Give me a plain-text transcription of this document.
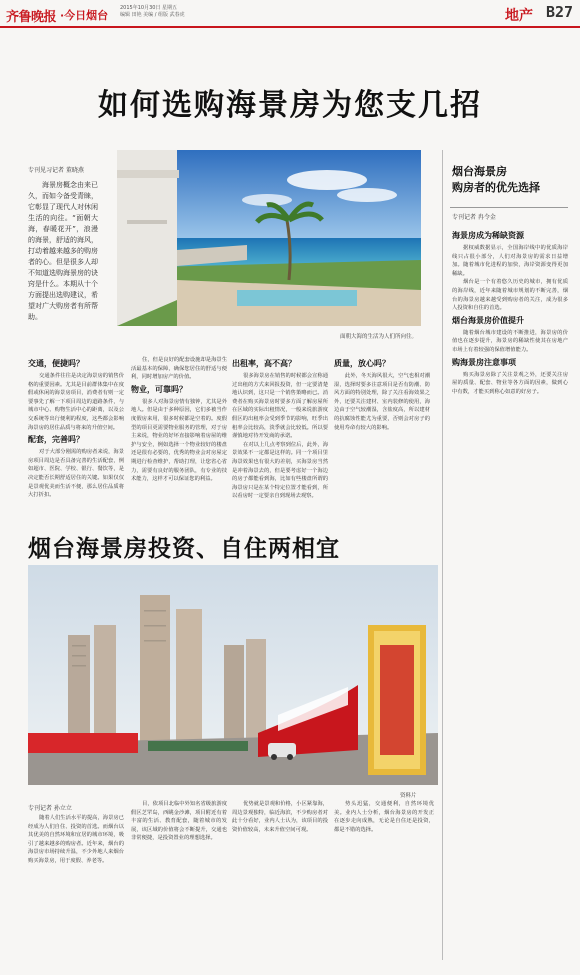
齐鲁晚报 ·今日烟台
2015年10月30日 星期五
编辑 田艳 美编 / 组版 武春虎	地产 B27
如何选购海景房为您支几招
专刊见习记者 董晓燕

海景房概念由来已久，而如今备受青睐，它彰显了现代人对休闲生活的向往。“面朝大海，春暖花开”，浪漫的海景，舒适的海风，打动着越来越多的购房者的心。但是很多人却不知道选购海景房的诀窍是什么。本期从十个方面提出选购建议，希望对广大购房者有所帮助。

面朝大海的生活为人们所向往。
交通，便捷吗？

交通条件往往是决定海景房的销售价格的重要因素。尤其是目前群体集中在度假或休闲的海景房项目，消费者有则一定要事先了解一下项目周边的道路条件，与城市中心、购物生活中心的距离，以及公交系统等出行便利的程度，这些都会影响海景房的居住品质与将来的升值空间。

配套，完善吗？

对于大部分刚需的购房者来说，海景房项目周边是否具备完善的生活配套，例如超市、医院、学校、银行、餐饮等，是决定能否长期舒适居住的关键。如果仅仅是景观优美而生活不便，那么居住品质将大打折扣。

住，但是良好的配套设施却是海景生活最基本的保障，确保您居住的舒适与便利，同时增加房产的价值。

物业，可靠吗？

很多人对海景房情有独钟，尤其是外地人。但是由于多种原因，它们多被当作度假房来用，很多时候都是空着的。度假型的项目更需要物业服务的管理，对于房主来说，物业的好坏直接影响着房屋的维护与安全，例如选择一个物业较好的楼盘还是很有必要的，优秀的物业会对房屋定期进行检查维护，帮助打理，让您省心省力，需要有良好的服务团队，有专业的技术能力，这样才可以保证您的利益。

出租率，高不高？

很多海景房在销售的时候都会宣称通过出租的方式来回报投资，但一定要清楚地认识到，这只是一个销售策略而已。消费者在购买海景房时要多方面了解房屋所在区域的实际出租情况，一般来说旅游度假区的出租率会受到季节的影响，旺季出租率会比较高，淡季就会比较低。所以要谨慎地对待开发商的承诺。

在对以上几点考察到位后，此外，海景效果不一定都是这样的。同一个项目里海景效果也有很大的差别，买海景房当然是冲着海景去的，但是要考虑好一个海边的房子都能看到海，比如有些楼盘所谓的海景房只是在某个特定位置才能看到，所以看房时一定要亲自到现场去观察。

质量，放心吗？

此外，冬天海风很大，空气也相对潮湿，选择时要多注意项目是否有防潮、防风方面的特别处理，除了关注看海效果之外，还要关注建材、室内装修的使用，海边由于空气较潮湿，含盐度高，所以建材的抗腐蚀性能尤为重要，否则会对房子的使用寿命有较大的影响。

烟台海景房
购房者的优先选择
专刊记者 冉令金
海景房成为稀缺资源

据权威数据显示，全国海岸线中的优质海岸线只占很小部分，人们对海景房的需求日益增加。随着城市化进程的加快，海岸资源变得更加稀缺。

烟台是一个有着悠久历史的城市，拥有优质的海岸线，近年来随着城市规划的不断完善，烟台的海景房越来越受到购房者的关注，成为很多人投资和自住的首选。

烟台海景房价值提升

随着烟台城市建设的不断推进，海景房的价值也在逐步提升，海景房的稀缺性使其在房地产市场上有着较强的保值增值能力。

购海景房注意事项

购买海景房除了关注景观之外，还要关注房屋的质量、配套、物业等各方面的因素，做到心中有数，才能买到称心如意的好房子。

烟台海景房投资、自住两相宜
资料片
专刊记者 孙立立

随着人们生活水平的提高，海景房已经成为人们自住、投资的首选。而烟台以其优美的自然环境和宜居的城市环境，吸引了越来越多的购房者。近年来，烟台的海景房市场持续升温，不少外地人来烟台购买海景房，用于度假、养老等。

目，依项目北临中外知名省级旅游度假区芝罘岛，西眺金沙滩，项目附近有着丰富的生活、教育配套，随着城市的发展，该区域的价值将会不断提升，交通也非常便捷，是投资置业的理想选择。

优势就是景观和价格，小区紧靠海，周边景观独特，临近海滨，不少购房者对此十分看好，业内人士认为，该项目的投资价值较高，未来升值空间可观。

势头迅猛，交通便利，自然环境优美。业内人士分析，烟台海景房的开发正在逐步走向成熟，无论是自住还是投资，都是不错的选择。
